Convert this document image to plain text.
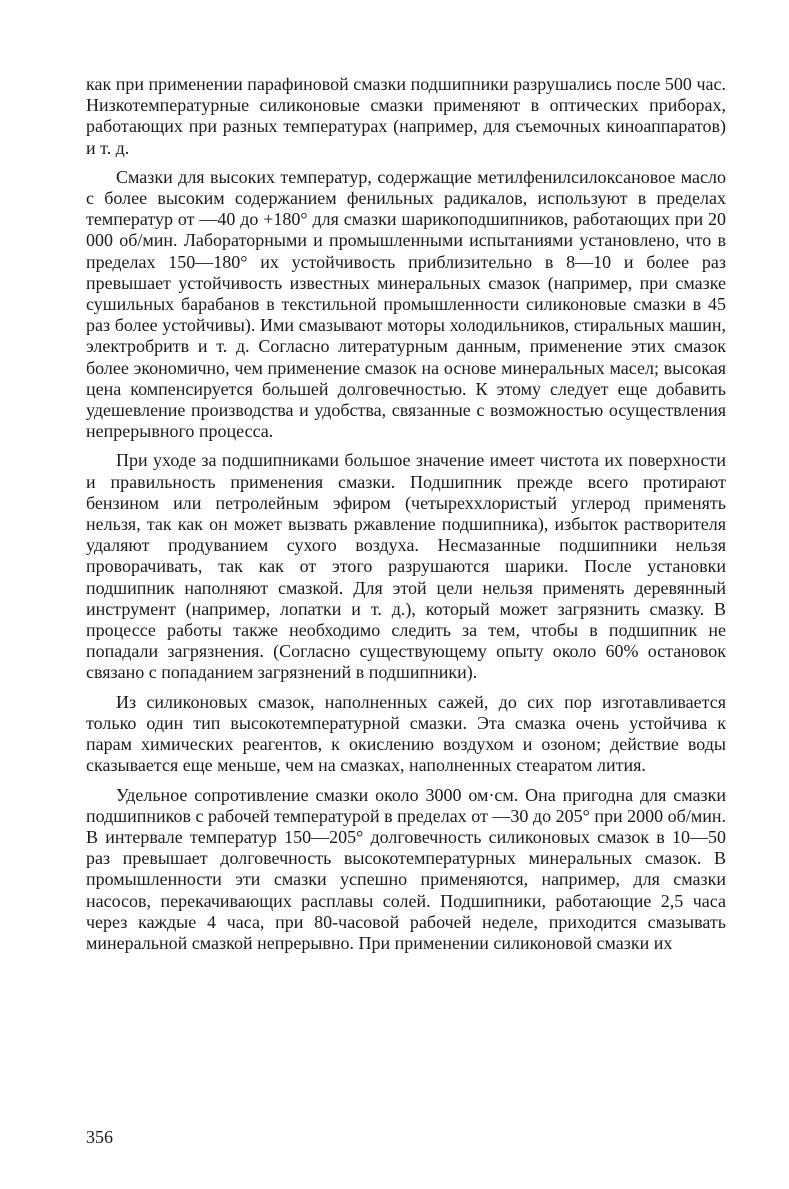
как при применении парафиновой смазки подшипники разрушались после 500 час. Низкотемпературные силиконовые смазки применяют в оптических приборах, работающих при разных температурах (например, для съемочных киноаппаратов) и т. д.

Смазки для высоких температур, содержащие метилфенилсилоксановое масло с более высоким содержанием фенильных радикалов, используют в пределах температур от —40 до +180° для смазки шарикоподшипников, работающих при 20 000 об/мин. Лабораторными и промышленными испытаниями установлено, что в пределах 150—180° их устойчивость приблизительно в 8—10 и более раз превышает устойчивость известных минеральных смазок (например, при смазке сушильных барабанов в текстильной промышленности силиконовые смазки в 45 раз более устойчивы). Ими смазывают моторы холодильников, стиральных машин, электробритв и т. д. Согласно литературным данным, применение этих смазок более экономично, чем применение смазок на основе минеральных масел; высокая цена компенсируется большей долговечностью. К этому следует еще добавить удешевление производства и удобства, связанные с возможностью осуществления непрерывного процесса.

При уходе за подшипниками большое значение имеет чистота их поверхности и правильность применения смазки. Подшипник прежде всего протирают бензином или петролейным эфиром (четыреххлористый углерод применять нельзя, так как он может вызвать ржавление подшипника), избыток растворителя удаляют продуванием сухого воздуха. Несмазанные подшипники нельзя проворачивать, так как от этого разрушаются шарики. После установки подшипник наполняют смазкой. Для этой цели нельзя применять деревянный инструмент (например, лопатки и т. д.), который может загрязнить смазку. В процессе работы также необходимо следить за тем, чтобы в подшипник не попадали загрязнения. (Согласно существующему опыту около 60% остановок связано с попаданием загрязнений в подшипники).

Из силиконовых смазок, наполненных сажей, до сих пор изготавливается только один тип высокотемпературной смазки. Эта смазка очень устойчива к парам химических реагентов, к окислению воздухом и озоном; действие воды сказывается еще меньше, чем на смазках, наполненных стеаратом лития.

Удельное сопротивление смазки около 3000 ом·см. Она пригодна для смазки подшипников с рабочей температурой в пределах от —30 до 205° при 2000 об/мин. В интервале температур 150—205° долговечность силиконовых смазок в 10—50 раз превышает долговечность высокотемпературных минеральных смазок. В промышленности эти смазки успешно применяются, например, для смазки насосов, перекачивающих расплавы солей. Подшипники, работающие 2,5 часа через каждые 4 часа, при 80-часовой рабочей неделе, приходится смазывать минеральной смазкой непрерывно. При применении силиконовой смазки их

356
